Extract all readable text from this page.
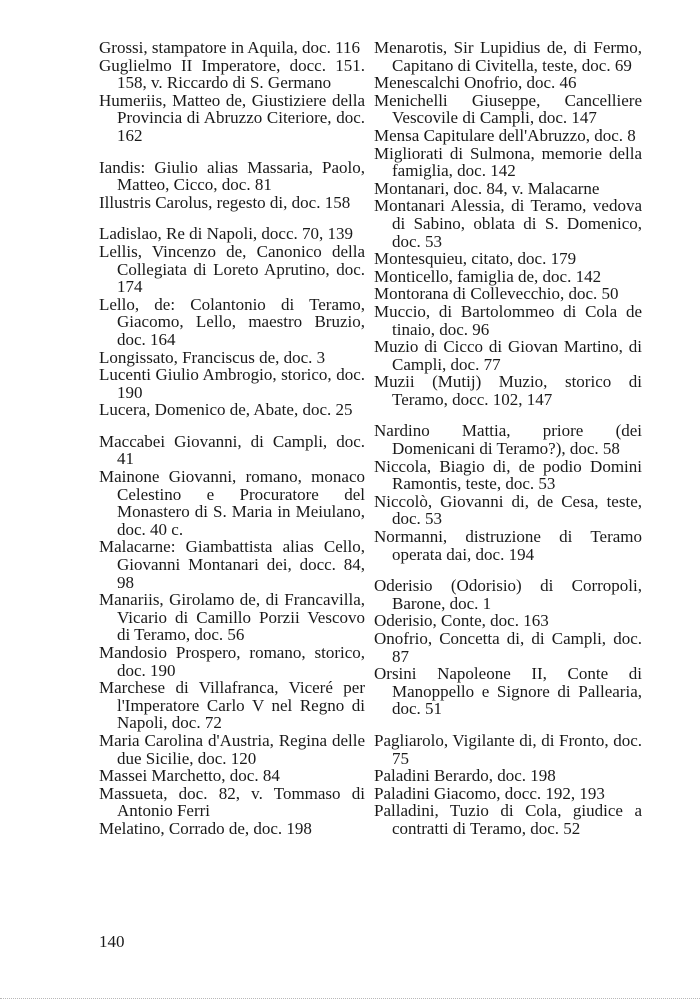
Grossi, stampatore in Aquila, doc. 116

Guglielmo II Imperatore, docc. 151. 158, v. Riccardo di S. Germano

Humeriis, Matteo de, Giustiziere della Provincia di Abruzzo Citeriore, doc. 162

Iandis: Giulio alias Massaria, Paolo, Matteo, Cicco, doc. 81

Illustris Carolus, regesto di, doc. 158

Ladislao, Re di Napoli, docc. 70, 139

Lellis, Vincenzo de, Canonico della Collegiata di Loreto Aprutino, doc. 174

Lello, de: Colantonio di Teramo, Giacomo, Lello, maestro Bruzio, doc. 164

Longissato, Franciscus de, doc. 3

Lucenti Giulio Ambrogio, storico, doc. 190

Lucera, Domenico de, Abate, doc. 25

Maccabei Giovanni, di Campli, doc. 41

Mainone Giovanni, romano, monaco Celestino e Procuratore del Monastero di S. Maria in Meiulano, doc. 40 c.

Malacarne: Giambattista alias Cello, Giovanni Montanari dei, docc. 84, 98

Manariis, Girolamo de, di Francavilla, Vicario di Camillo Porzii Vescovo di Teramo, doc. 56

Mandosio Prospero, romano, storico, doc. 190

Marchese di Villafranca, Viceré per l'Imperatore Carlo V nel Regno di Napoli, doc. 72

Maria Carolina d'Austria, Regina delle due Sicilie, doc. 120

Massei Marchetto, doc. 84

Massueta, doc. 82, v. Tommaso di Antonio Ferri

Melatino, Corrado de, doc. 198

Menarotis, Sir Lupidius de, di Fermo, Capitano di Civitella, teste, doc. 69

Menescalchi Onofrio, doc. 46

Menichelli Giuseppe, Cancelliere Vescovile di Campli, doc. 147

Mensa Capitulare dell'Abruzzo, doc. 8

Migliorati di Sulmona, memorie della famiglia, doc. 142

Montanari, doc. 84, v. Malacarne

Montanari Alessia, di Teramo, vedova di Sabino, oblata di S. Domenico, doc. 53

Montesquieu, citato, doc. 179

Monticello, famiglia de, doc. 142

Montorana di Collevecchio, doc. 50

Muccio, di Bartolommeo di Cola de tinaio, doc. 96

Muzio di Cicco di Giovan Martino, di Campli, doc. 77

Muzii (Mutij) Muzio, storico di Teramo, docc. 102, 147

Nardino Mattia, priore (dei Domenicani di Teramo?), doc. 58

Niccola, Biagio di, de podio Domini Ramontis, teste, doc. 53

Niccolò, Giovanni di, de Cesa, teste, doc. 53

Normanni, distruzione di Teramo operata dai, doc. 194

Oderisio (Odorisio) di Corropoli, Barone, doc. 1

Oderisio, Conte, doc. 163

Onofrio, Concetta di, di Campli, doc. 87

Orsini Napoleone II, Conte di Manoppello e Signore di Pallearia, doc. 51

Pagliarolo, Vigilante di, di Fronto, doc. 75

Paladini Berardo, doc. 198

Paladini Giacomo, docc. 192, 193

Palladini, Tuzio di Cola, giudice a contratti di Teramo, doc. 52

140
